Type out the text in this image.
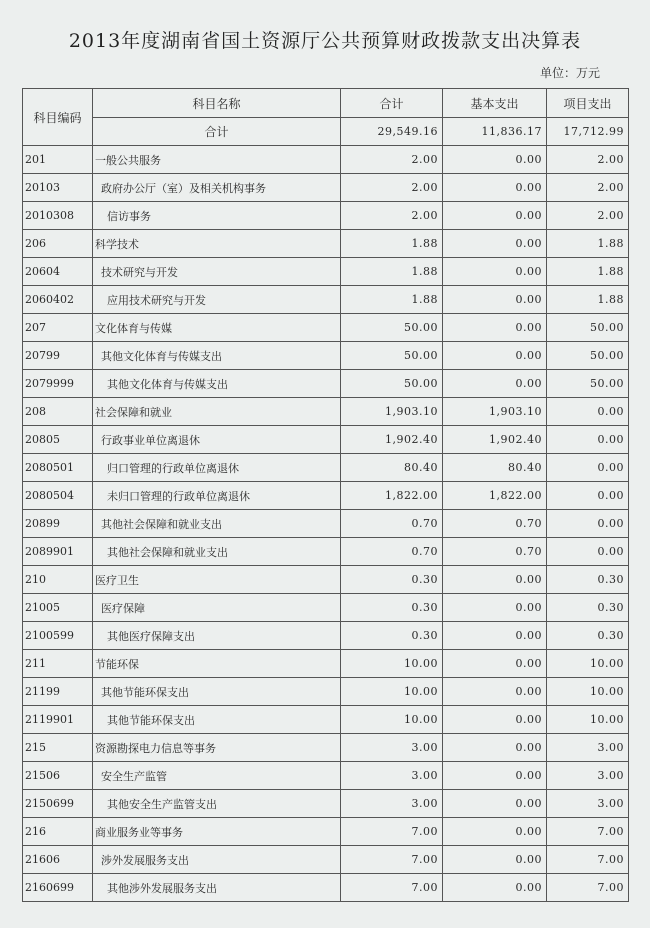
2013年度湖南省国土资源厅公共预算财政拨款支出决算表
单位：万元
科目编码	科目名称	合计	基本支出	项目支出
	合计	29,549.16	11,836.17	17,712.99
201	一般公共服务	2.00	0.00	2.00
20103	政府办公厅（室）及相关机构事务	2.00	0.00	2.00
2010308	信访事务	2.00	0.00	2.00
206	科学技术	1.88	0.00	1.88
20604	技术研究与开发	1.88	0.00	1.88
2060402	应用技术研究与开发	1.88	0.00	1.88
207	文化体育与传媒	50.00	0.00	50.00
20799	其他文化体育与传媒支出	50.00	0.00	50.00
2079999	其他文化体育与传媒支出	50.00	0.00	50.00
208	社会保障和就业	1,903.10	1,903.10	0.00
20805	行政事业单位离退休	1,902.40	1,902.40	0.00
2080501	归口管理的行政单位离退休	80.40	80.40	0.00
2080504	未归口管理的行政单位离退休	1,822.00	1,822.00	0.00
20899	其他社会保障和就业支出	0.70	0.70	0.00
2089901	其他社会保障和就业支出	0.70	0.70	0.00
210	医疗卫生	0.30	0.00	0.30
21005	医疗保障	0.30	0.00	0.30
2100599	其他医疗保障支出	0.30	0.00	0.30
211	节能环保	10.00	0.00	10.00
21199	其他节能环保支出	10.00	0.00	10.00
2119901	其他节能环保支出	10.00	0.00	10.00
215	资源勘探电力信息等事务	3.00	0.00	3.00
21506	安全生产监管	3.00	0.00	3.00
2150699	其他安全生产监管支出	3.00	0.00	3.00
216	商业服务业等事务	7.00	0.00	7.00
21606	涉外发展服务支出	7.00	0.00	7.00
2160699	其他涉外发展服务支出	7.00	0.00	7.00
